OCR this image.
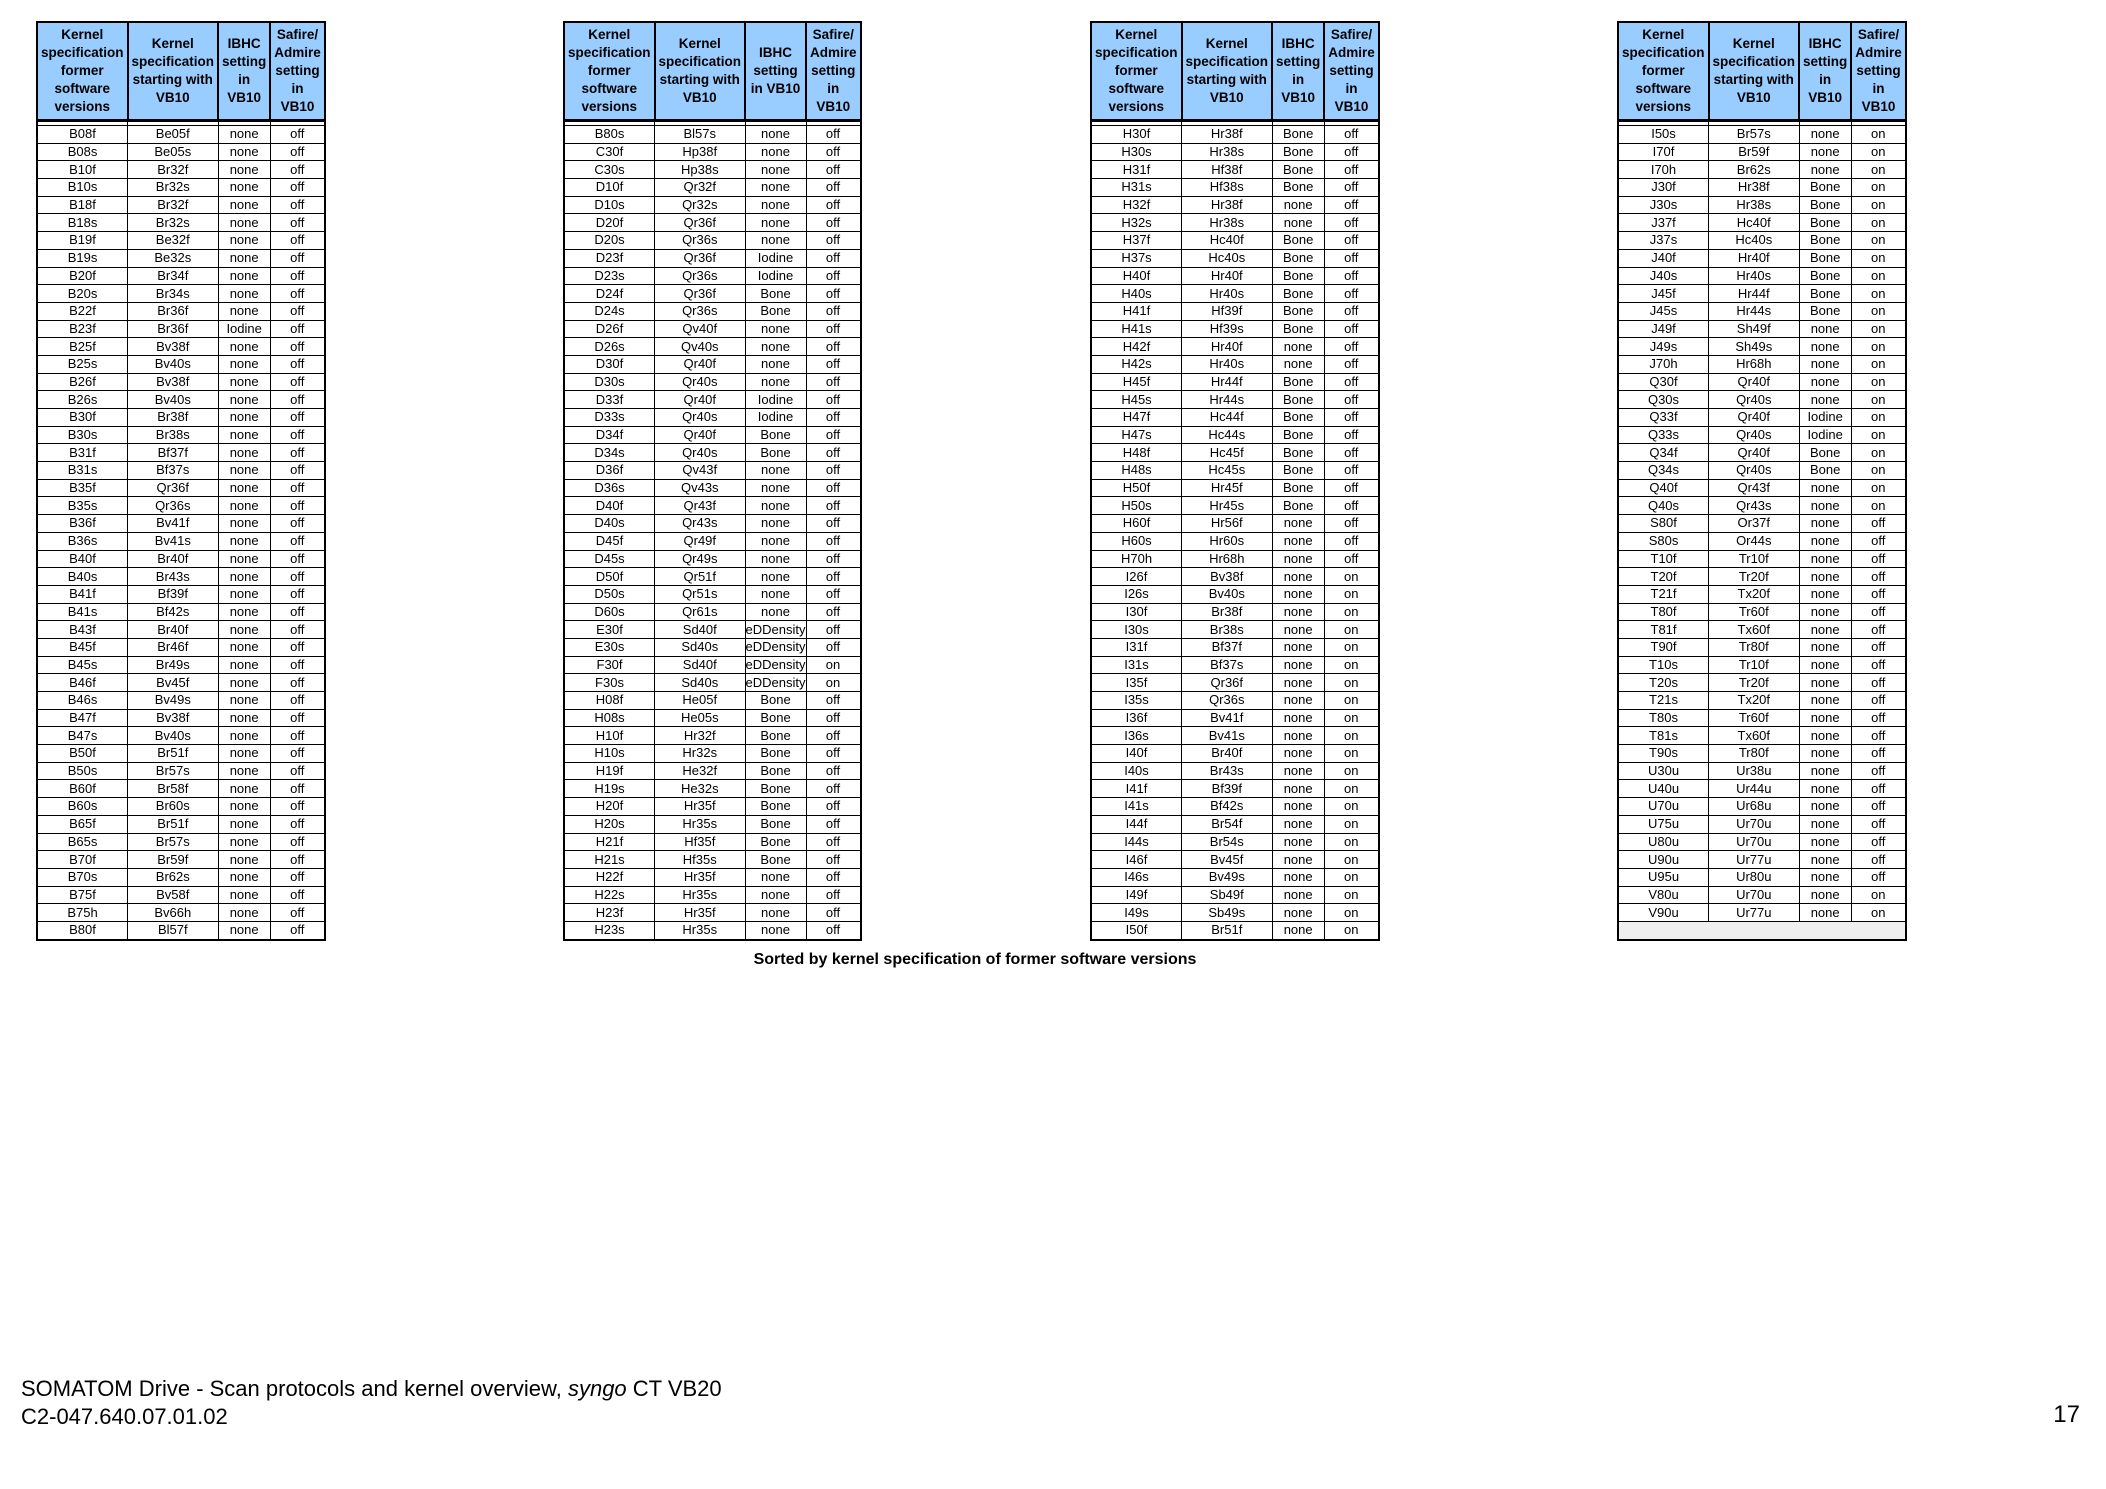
Kernel specification former software versions	Kernel specification starting with VB10	IBHC setting in VB10	Safire/ Admire setting in VB10

B08f	Be05f	none	off
B08s	Be05s	none	off
B10f	Br32f	none	off
B10s	Br32s	none	off
B18f	Br32f	none	off
B18s	Br32s	none	off
B19f	Be32f	none	off
B19s	Be32s	none	off
B20f	Br34f	none	off
B20s	Br34s	none	off
B22f	Br36f	none	off
B23f	Br36f	Iodine	off
B25f	Bv38f	none	off
B25s	Bv40s	none	off
B26f	Bv38f	none	off
B26s	Bv40s	none	off
B30f	Br38f	none	off
B30s	Br38s	none	off
B31f	Bf37f	none	off
B31s	Bf37s	none	off
B35f	Qr36f	none	off
B35s	Qr36s	none	off
B36f	Bv41f	none	off
B36s	Bv41s	none	off
B40f	Br40f	none	off
B40s	Br43s	none	off
B41f	Bf39f	none	off
B41s	Bf42s	none	off
B43f	Br40f	none	off
B45f	Br46f	none	off
B45s	Br49s	none	off
B46f	Bv45f	none	off
B46s	Bv49s	none	off
B47f	Bv38f	none	off
B47s	Bv40s	none	off
B50f	Br51f	none	off
B50s	Br57s	none	off
B60f	Br58f	none	off
B60s	Br60s	none	off
B65f	Br51f	none	off
B65s	Br57s	none	off
B70f	Br59f	none	off
B70s	Br62s	none	off
B75f	Bv58f	none	off
B75h	Bv66h	none	off
B80f	Bl57f	none	off
Kernel specification former software versions	Kernel specification starting with VB10	IBHC setting in VB10	Safire/ Admire setting in VB10

B80s	Bl57s	none	off
C30f	Hp38f	none	off
C30s	Hp38s	none	off
D10f	Qr32f	none	off
D10s	Qr32s	none	off
D20f	Qr36f	none	off
D20s	Qr36s	none	off
D23f	Qr36f	Iodine	off
D23s	Qr36s	Iodine	off
D24f	Qr36f	Bone	off
D24s	Qr36s	Bone	off
D26f	Qv40f	none	off
D26s	Qv40s	none	off
D30f	Qr40f	none	off
D30s	Qr40s	none	off
D33f	Qr40f	Iodine	off
D33s	Qr40s	Iodine	off
D34f	Qr40f	Bone	off
D34s	Qr40s	Bone	off
D36f	Qv43f	none	off
D36s	Qv43s	none	off
D40f	Qr43f	none	off
D40s	Qr43s	none	off
D45f	Qr49f	none	off
D45s	Qr49s	none	off
D50f	Qr51f	none	off
D50s	Qr51s	none	off
D60s	Qr61s	none	off
E30f	Sd40f	eDDensity	off
E30s	Sd40s	eDDensity	off
F30f	Sd40f	eDDensity	on
F30s	Sd40s	eDDensity	on
H08f	He05f	Bone	off
H08s	He05s	Bone	off
H10f	Hr32f	Bone	off
H10s	Hr32s	Bone	off
H19f	He32f	Bone	off
H19s	He32s	Bone	off
H20f	Hr35f	Bone	off
H20s	Hr35s	Bone	off
H21f	Hf35f	Bone	off
H21s	Hf35s	Bone	off
H22f	Hr35f	none	off
H22s	Hr35s	none	off
H23f	Hr35f	none	off
H23s	Hr35s	none	off
Kernel specification former software versions	Kernel specification starting with VB10	IBHC setting in VB10	Safire/ Admire setting in VB10

H30f	Hr38f	Bone	off
H30s	Hr38s	Bone	off
H31f	Hf38f	Bone	off
H31s	Hf38s	Bone	off
H32f	Hr38f	none	off
H32s	Hr38s	none	off
H37f	Hc40f	Bone	off
H37s	Hc40s	Bone	off
H40f	Hr40f	Bone	off
H40s	Hr40s	Bone	off
H41f	Hf39f	Bone	off
H41s	Hf39s	Bone	off
H42f	Hr40f	none	off
H42s	Hr40s	none	off
H45f	Hr44f	Bone	off
H45s	Hr44s	Bone	off
H47f	Hc44f	Bone	off
H47s	Hc44s	Bone	off
H48f	Hc45f	Bone	off
H48s	Hc45s	Bone	off
H50f	Hr45f	Bone	off
H50s	Hr45s	Bone	off
H60f	Hr56f	none	off
H60s	Hr60s	none	off
H70h	Hr68h	none	off
I26f	Bv38f	none	on
I26s	Bv40s	none	on
I30f	Br38f	none	on
I30s	Br38s	none	on
I31f	Bf37f	none	on
I31s	Bf37s	none	on
I35f	Qr36f	none	on
I35s	Qr36s	none	on
I36f	Bv41f	none	on
I36s	Bv41s	none	on
I40f	Br40f	none	on
I40s	Br43s	none	on
I41f	Bf39f	none	on
I41s	Bf42s	none	on
I44f	Br54f	none	on
I44s	Br54s	none	on
I46f	Bv45f	none	on
I46s	Bv49s	none	on
I49f	Sb49f	none	on
I49s	Sb49s	none	on
I50f	Br51f	none	on
Kernel specification former software versions	Kernel specification starting with VB10	IBHC setting in VB10	Safire/ Admire setting in VB10

I50s	Br57s	none	on
I70f	Br59f	none	on
I70h	Br62s	none	on
J30f	Hr38f	Bone	on
J30s	Hr38s	Bone	on
J37f	Hc40f	Bone	on
J37s	Hc40s	Bone	on
J40f	Hr40f	Bone	on
J40s	Hr40s	Bone	on
J45f	Hr44f	Bone	on
J45s	Hr44s	Bone	on
J49f	Sh49f	none	on
J49s	Sh49s	none	on
J70h	Hr68h	none	on
Q30f	Qr40f	none	on
Q30s	Qr40s	none	on
Q33f	Qr40f	Iodine	on
Q33s	Qr40s	Iodine	on
Q34f	Qr40f	Bone	on
Q34s	Qr40s	Bone	on
Q40f	Qr43f	none	on
Q40s	Qr43s	none	on
S80f	Or37f	none	off
S80s	Or44s	none	off
T10f	Tr10f	none	off
T20f	Tr20f	none	off
T21f	Tx20f	none	off
T80f	Tr60f	none	off
T81f	Tx60f	none	off
T90f	Tr80f	none	off
T10s	Tr10f	none	off
T20s	Tr20f	none	off
T21s	Tx20f	none	off
T80s	Tr60f	none	off
T81s	Tx60f	none	off
T90s	Tr80f	none	off
U30u	Ur38u	none	off
U40u	Ur44u	none	off
U70u	Ur68u	none	off
U75u	Ur70u	none	off
U80u	Ur70u	none	off
U90u	Ur77u	none	off
U95u	Ur80u	none	off
V80u	Ur70u	none	on
V90u	Ur77u	none	on

Sorted by kernel specification of former software versions
SOMATOM Drive - Scan protocols and kernel overview, syngo CT VB20
C2-047.640.07.01.02	17
